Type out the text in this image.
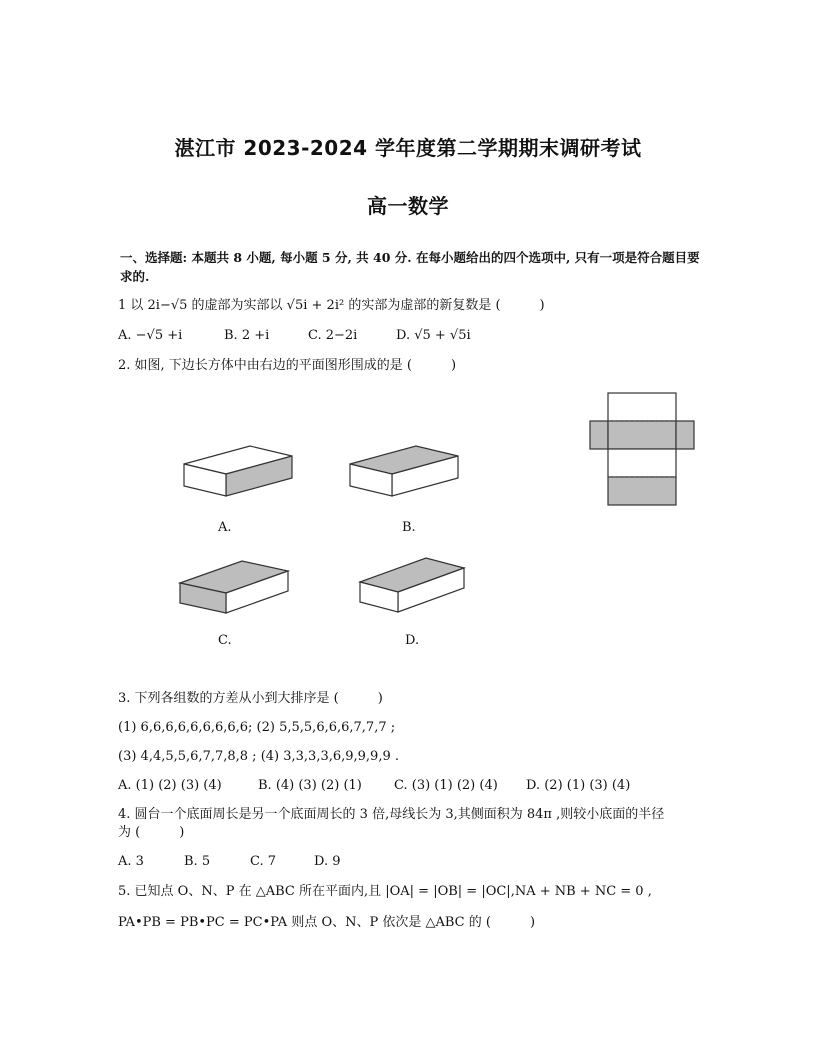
湛江市 2023-2024 学年度第二学期期末调研考试
高一数学
一、选择题: 本题共 8 小题, 每小题 5 分, 共 40 分. 在每小题给出的四个选项中, 只有一项是符合题目要求的.
1 以 2i−√5 的虚部为实部以 √5i + 2i² 的实部为虚部的新复数是 (　　　)
A. −√5 +i	B. 2 +i	C. 2−2i	D. √5 + √5i
2. 如图, 下边长方体中由右边的平面图形围成的是 (　　　)
A.	B.
C.	D.
3. 下列各组数的方差从小到大排序是 (　　　)
(1) 6,6,6,6,6,6,6,6,6; (2) 5,5,5,6,6,6,7,7,7 ;
(3) 4,4,5,5,6,7,7,8,8 ; (4) 3,3,3,3,6,9,9,9,9 .
A. (1) (2) (3) (4)	B. (4) (3) (2) (1) C. (3) (1) (2) (4) D. (2) (1) (3) (4)
4. 圆台一个底面周长是另一个底面周长的 3 倍,母线长为 3,其侧面积为 84π ,则较小底面的半径
为 (　　　)
A. 3	B. 5	C. 7	D. 9
5. 已知点 O、N、P 在 △ABC 所在平面内,且 |OA| = |OB| = |OC|,NA + NB + NC = 0 ,
PA•PB = PB•PC = PC•PA 则点 O、N、P 依次是 △ABC 的 (　　　)
